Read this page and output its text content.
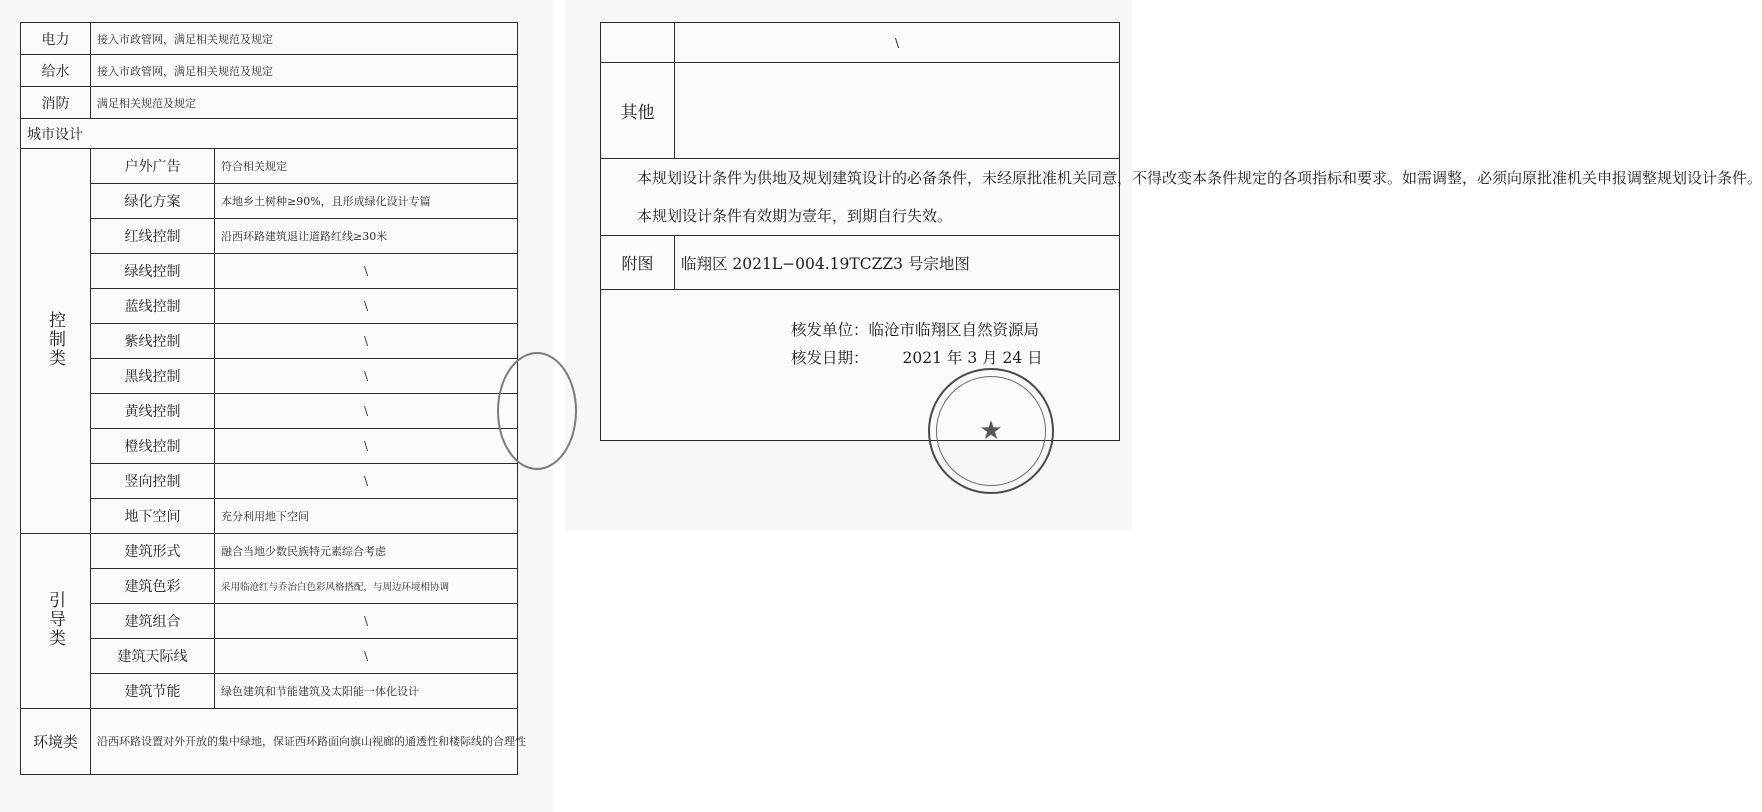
电力	接入市政管网，满足相关规范及规定	
给水	接入市政管网，满足相关规范及规定	
消防	满足相关规范及规定	
城市设计		
控制类	户外广告	符合相关规定
	绿化方案	本地乡土树种≥90%，且形成绿化设计专篇
	红线控制	沿西环路建筑退让道路红线≥30米
	绿线控制	\
	蓝线控制	\
	紫线控制	\
	黑线控制	\
	黄线控制	\
	橙线控制	\
	竖向控制	\
	地下空间	充分利用地下空间
引导类	建筑形式	融合当地少数民族特元素综合考虑
	建筑色彩	采用临沧红与乔治白色彩风格搭配，与周边环境相协调
	建筑组合	\
	建筑天际线	\
	建筑节能	绿色建筑和节能建筑及太阳能一体化设计
环境类	沿西环路设置对外开放的集中绿地，保证西环路面向旗山视廊的通透性和楼际线的合理性	
	\
其他	

本规划设计条件为供地及规划建筑设计的必备条件，未经原批准机关同意，不得改变本条件规定的各项指标和要求。如需调整，必须向原批准机关申报调整规划设计条件。

本规划设计条件有效期为壹年，到期自行失效。	

附图	临翔区 2021L−004.19TCZZ3 号宗地图

核发单位：临沧市临翔区自然资源局
核发日期： 2021 年 3 月 24 日	
★
